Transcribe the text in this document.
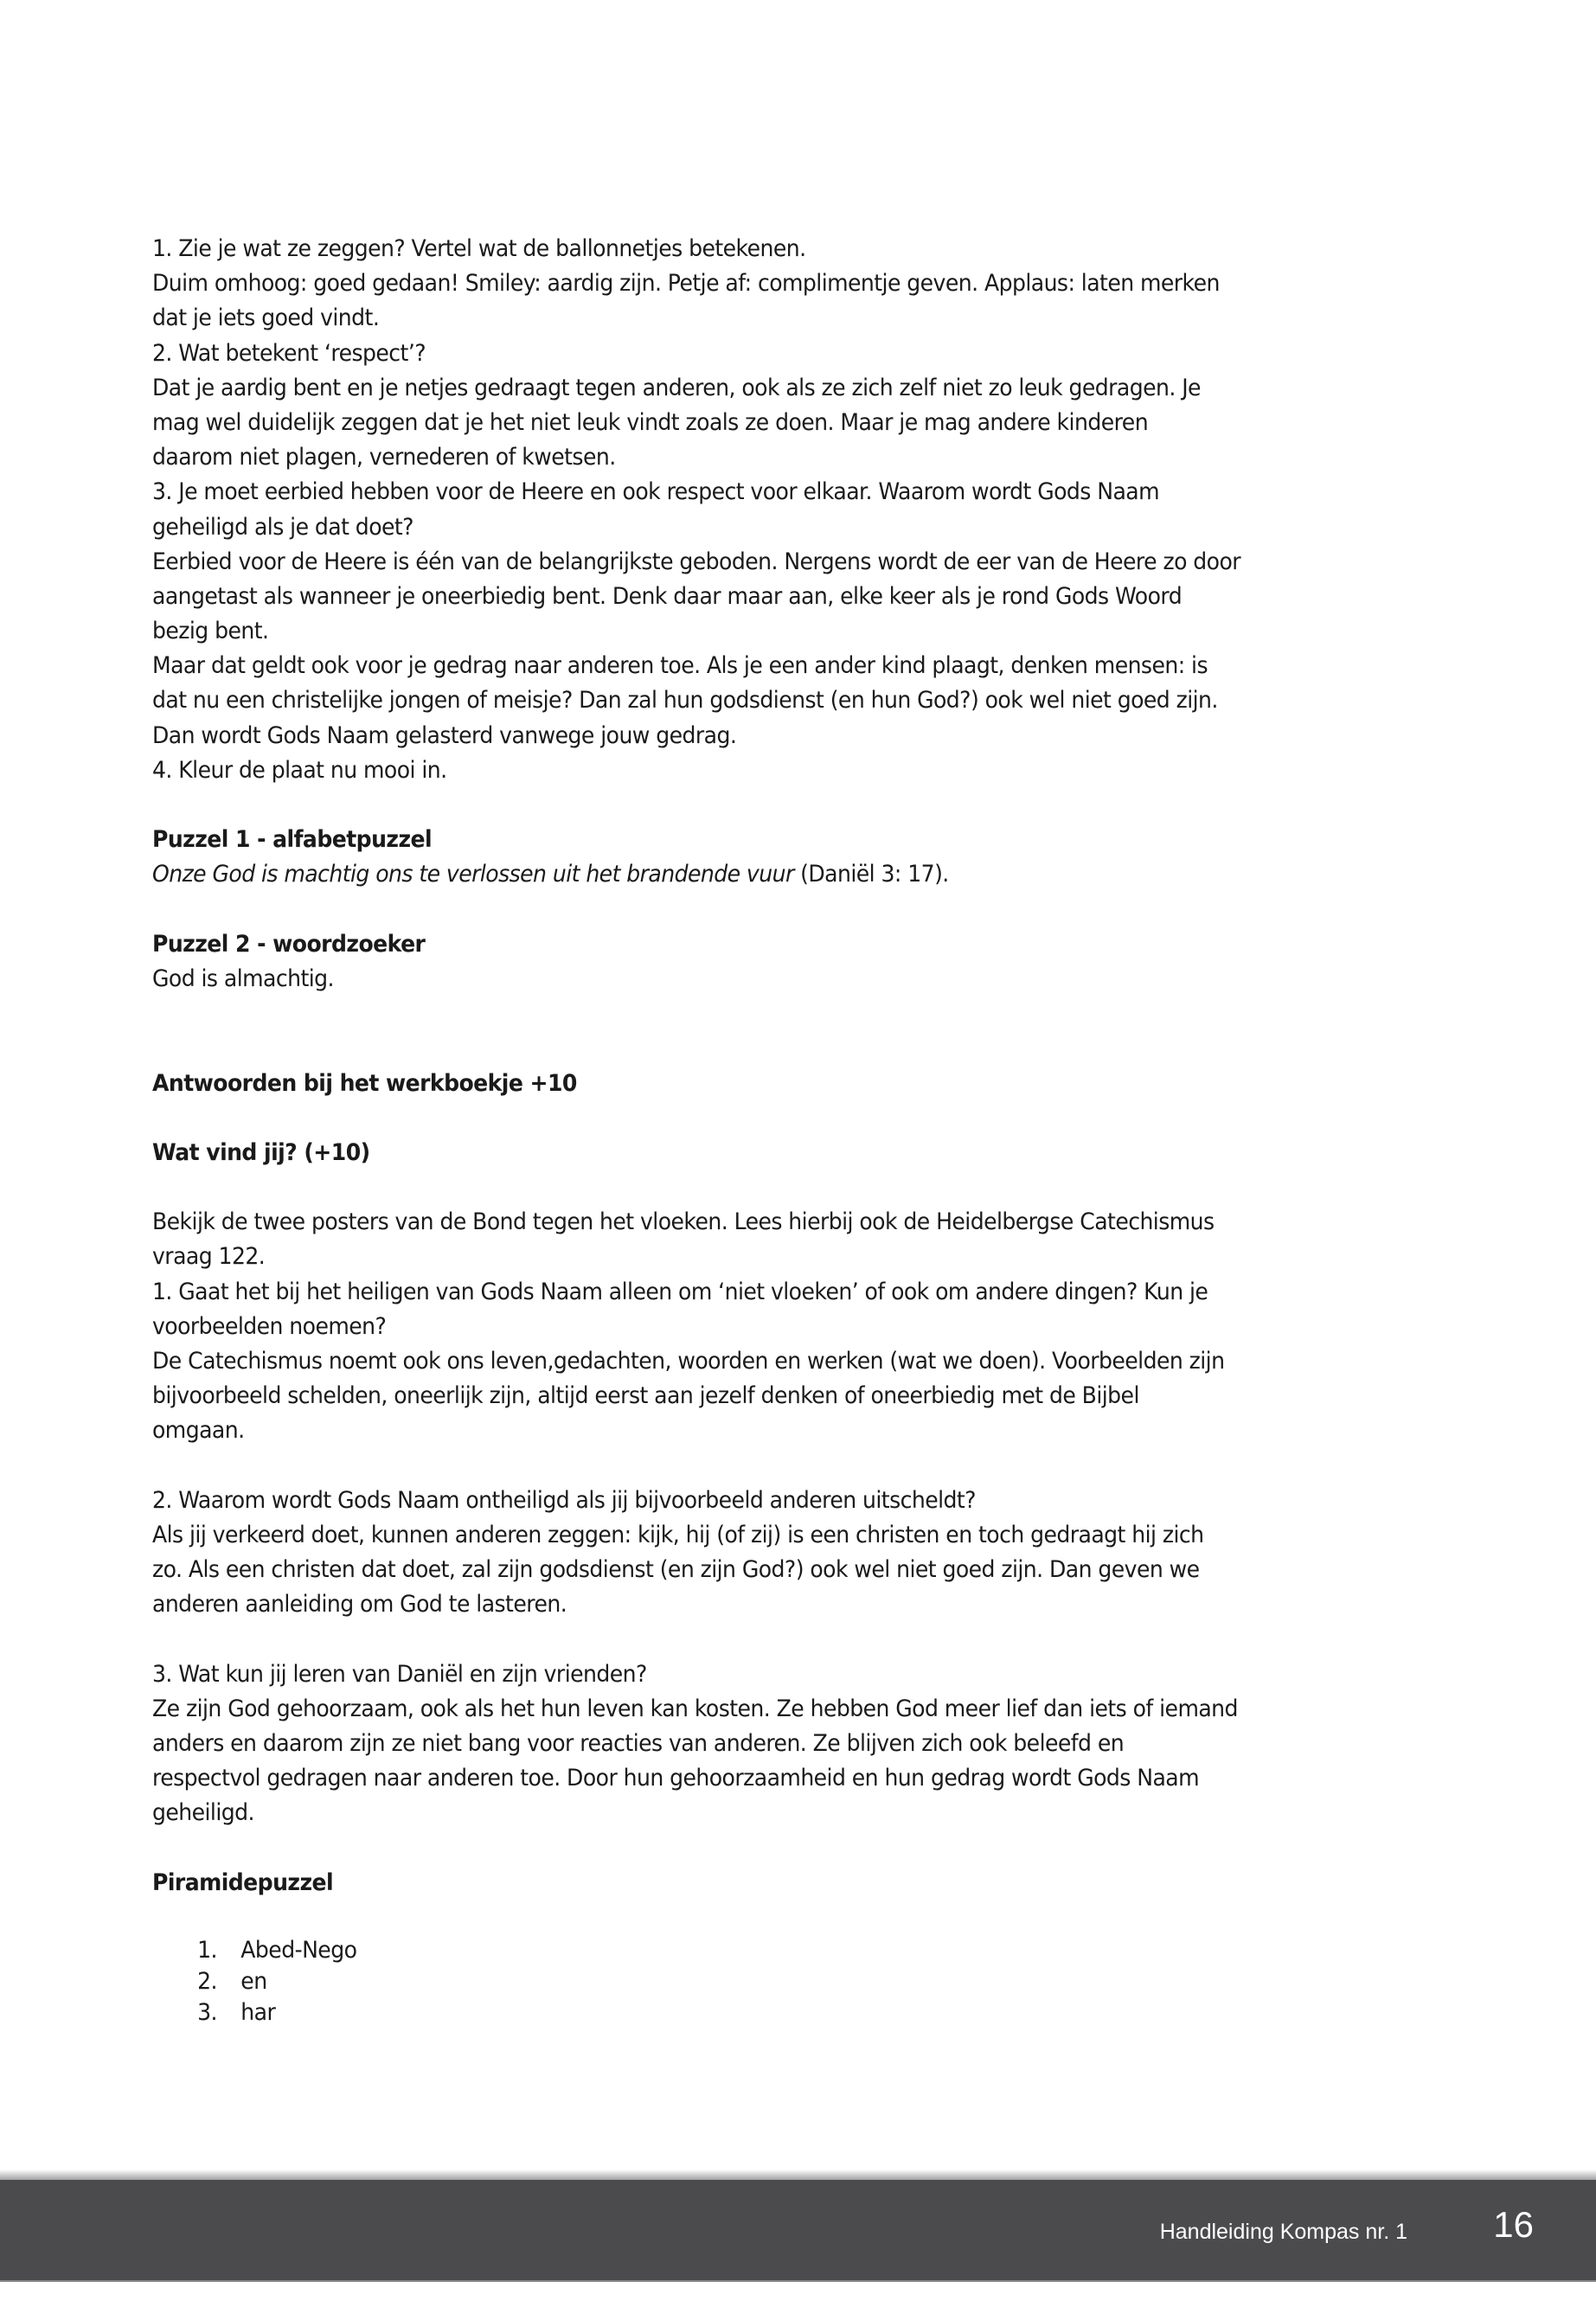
1. Zie je wat ze zeggen? Vertel wat de ballonnetjes betekenen.
Duim omhoog: goed gedaan! Smiley: aardig zijn. Petje af: complimentje geven. Applaus: laten merken
dat je iets goed vindt.
2. Wat betekent ‘respect’?
Dat je aardig bent en je netjes gedraagt tegen anderen, ook als ze zich zelf niet zo leuk gedragen. Je
mag wel duidelijk zeggen dat je het niet leuk vindt zoals ze doen. Maar je mag andere kinderen
daarom niet plagen, vernederen of kwetsen.
3. Je moet eerbied hebben voor de Heere en ook respect voor elkaar. Waarom wordt Gods Naam
geheiligd als je dat doet?
Eerbied voor de Heere is één van de belangrijkste geboden. Nergens wordt de eer van de Heere zo door
aangetast als wanneer je oneerbiedig bent. Denk daar maar aan, elke keer als je rond Gods Woord
bezig bent.
Maar dat geldt ook voor je gedrag naar anderen toe. Als je een ander kind plaagt, denken mensen: is
dat nu een christelijke jongen of meisje? Dan zal hun godsdienst (en hun God?) ook wel niet goed zijn.
Dan wordt Gods Naam gelasterd vanwege jouw gedrag.
4. Kleur de plaat nu mooi in.
Puzzel 1 - alfabetpuzzel
Onze God is machtig ons te verlossen uit het brandende vuur (Daniël 3: 17).
Puzzel 2 - woordzoeker
God is almachtig.
Antwoorden bij het werkboekje +10
Wat vind jij? (+10)
Bekijk de twee posters van de Bond tegen het vloeken. Lees hierbij ook de Heidelbergse Catechismus
vraag 122.
1. Gaat het bij het heiligen van Gods Naam alleen om ‘niet vloeken’ of ook om andere dingen? Kun je
voorbeelden noemen?
De Catechismus noemt ook ons leven,gedachten, woorden en werken (wat we doen). Voorbeelden zijn
bijvoorbeeld schelden, oneerlijk zijn, altijd eerst aan jezelf denken of oneerbiedig met de Bijbel
omgaan.
2. Waarom wordt Gods Naam ontheiligd als jij bijvoorbeeld anderen uitscheldt?
Als jij verkeerd doet, kunnen anderen zeggen: kijk, hij (of zij) is een christen en toch gedraagt hij zich
zo. Als een christen dat doet, zal zijn godsdienst (en zijn God?) ook wel niet goed zijn. Dan geven we
anderen aanleiding om God te lasteren.
3. Wat kun jij leren van Daniël en zijn vrienden?
Ze zijn God gehoorzaam, ook als het hun leven kan kosten. Ze hebben God meer lief dan iets of iemand
anders en daarom zijn ze niet bang voor reacties van anderen. Ze blijven zich ook beleefd en
respectvol gedragen naar anderen toe. Door hun gehoorzaamheid en hun gedrag wordt Gods Naam
geheiligd.
Piramidepuzzel
1. Abed-Nego
2. en
3. har
Handleiding Kompas nr. 1 16
